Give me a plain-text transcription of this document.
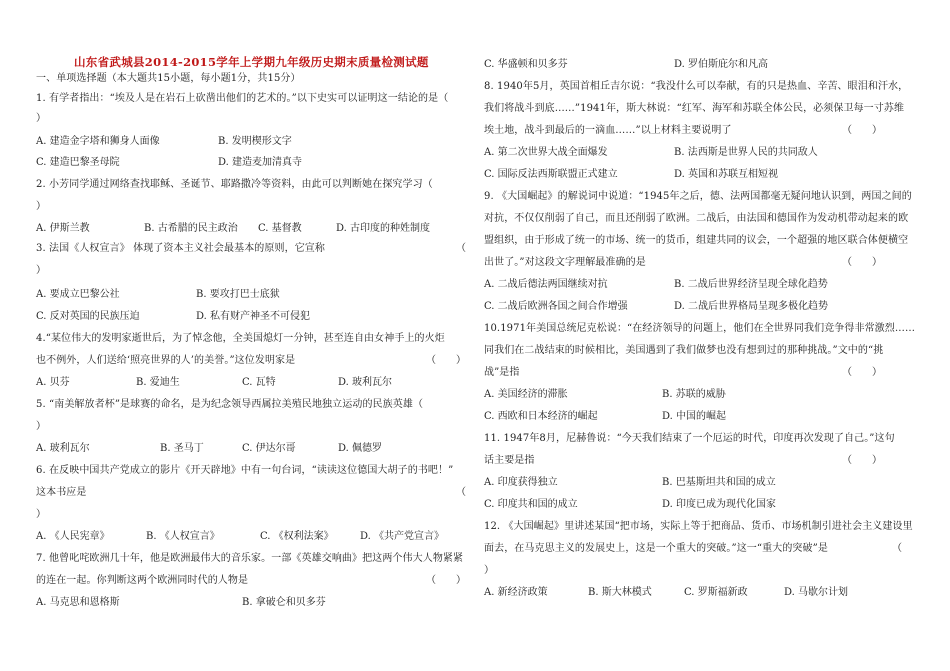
山东省武城县2014-2015学年上学期九年级历史期末质量检测试题
一、单项选择题（本大题共15小题，每小题1分，共15分）
1. 有学者指出：“埃及人是在岩石上砍凿出他们的艺术的。”以下史实可以证明这一结论的是（
）
A. 建造金字塔和狮身人面像	B. 发明楔形文字
C. 建造巴黎圣母院	D. 建造麦加清真寺
2. 小芳同学通过网络查找耶稣、圣诞节、耶路撒冷等资料，由此可以判断她在探究学习（
）
A. 伊斯兰教	B. 古希腊的民主政治 C. 基督教	D. 古印度的种姓制度
3. 法国《人权宣言》 体现了资本主义社会最基本的原则，它宣称	（
）
A. 要成立巴黎公社	B. 要攻打巴士底狱
C. 反对英国的民族压迫	D. 私有财产神圣不可侵犯
4.“某位伟大的发明家逝世后，为了悼念他，全美国熄灯一分钟，甚至连自由女神手上的火炬
也不例外，人们送给‘照亮世界的人’的美誉。”这位发明家是	（　　）
A. 贝芬	B. 爱迪生	C. 瓦特	D. 玻利瓦尔
5. “南美解放者杯”是球赛的命名，是为纪念领导西属拉美殖民地独立运动的民族英雄（
）
A. 玻利瓦尔	B. 圣马丁	C. 伊达尔哥	D. 佩德罗
6. 在反映中国共产党成立的影片《开天辟地》中有一句台词，“读读这位德国大胡子的书吧！”
这本书应是	（
）
A. 《人民宪章》	B. 《人权宣言》	C. 《权利法案》	D. 《共产党宣言》
7. 他曾叱咤欧洲几十年，他是欧洲最伟大的音乐家。一部《英雄交响曲》把这两个伟大人物紧紧
的连在一起。你判断这两个欧洲同时代的人物是	（　　）
A. 马克思和恩格斯	B. 拿破仑和贝多芬
C. 华盛顿和贝多芬	D. 罗伯斯庇尔和凡高
8. 1940年5月，英国首相丘吉尔说：“我没什么可以奉献，有的只是热血、辛苦、眼泪和汗水，
我们将战斗到底……”1941年，斯大林说：“红军、海军和苏联全体公民，必须保卫每一寸苏维
埃土地，战斗到最后的一滴血……”以上材料主要说明了	（　　）
A. 第二次世界大战全面爆发	B. 法西斯是世界人民的共同敌人
C. 国际反法西斯联盟正式建立	D. 英国和苏联互相短视
9. 《大国崛起》的解说词中说道：“1945年之后，德、法两国都毫无疑问地认识到，两国之间的
对抗，不仅仅削弱了自己，而且还削弱了欧洲。二战后，由法国和德国作为发动机带动起来的欧
盟组织，由于形成了统一的市场、统一的货币，组建共同的议会，一个超强的地区联合体便横空
出世了。”对这段文字理解最准确的是	（　　）
A. 二战后德法两国继续对抗	B. 二战后世界经济呈现全球化趋势
C. 二战后欧洲各国之间合作增强	D. 二战后世界格局呈现多极化趋势
10.1971年美国总统尼克松说：“在经济领导的问题上，他们在全世界同我们竞争得非常激烈……
同我们在二战结束的时候相比，美国遇到了我们做梦也没有想到过的那种挑战。”文中的“挑
战”是指	（　　）
A. 美国经济的滞胀	B. 苏联的威胁
C. 西欧和日本经济的崛起	D. 中国的崛起
11. 1947年8月，尼赫鲁说：“今天我们结束了一个厄运的时代，印度再次发现了自己。”这句
话主要是指	（　　）
A. 印度获得独立	B. 巴基斯坦共和国的成立
C. 印度共和国的成立	D. 印度已成为现代化国家
12. 《大国崛起》里讲述某国“把市场，实际上等于把商品、货币、市场机制引进社会主义建设里
面去，在马克思主义的发展史上，这是一个重大的突破。”这一“重大的突破”是	（
）
A. 新经济政策	B. 斯大林模式	C. 罗斯福新政	D. 马歇尔计划
